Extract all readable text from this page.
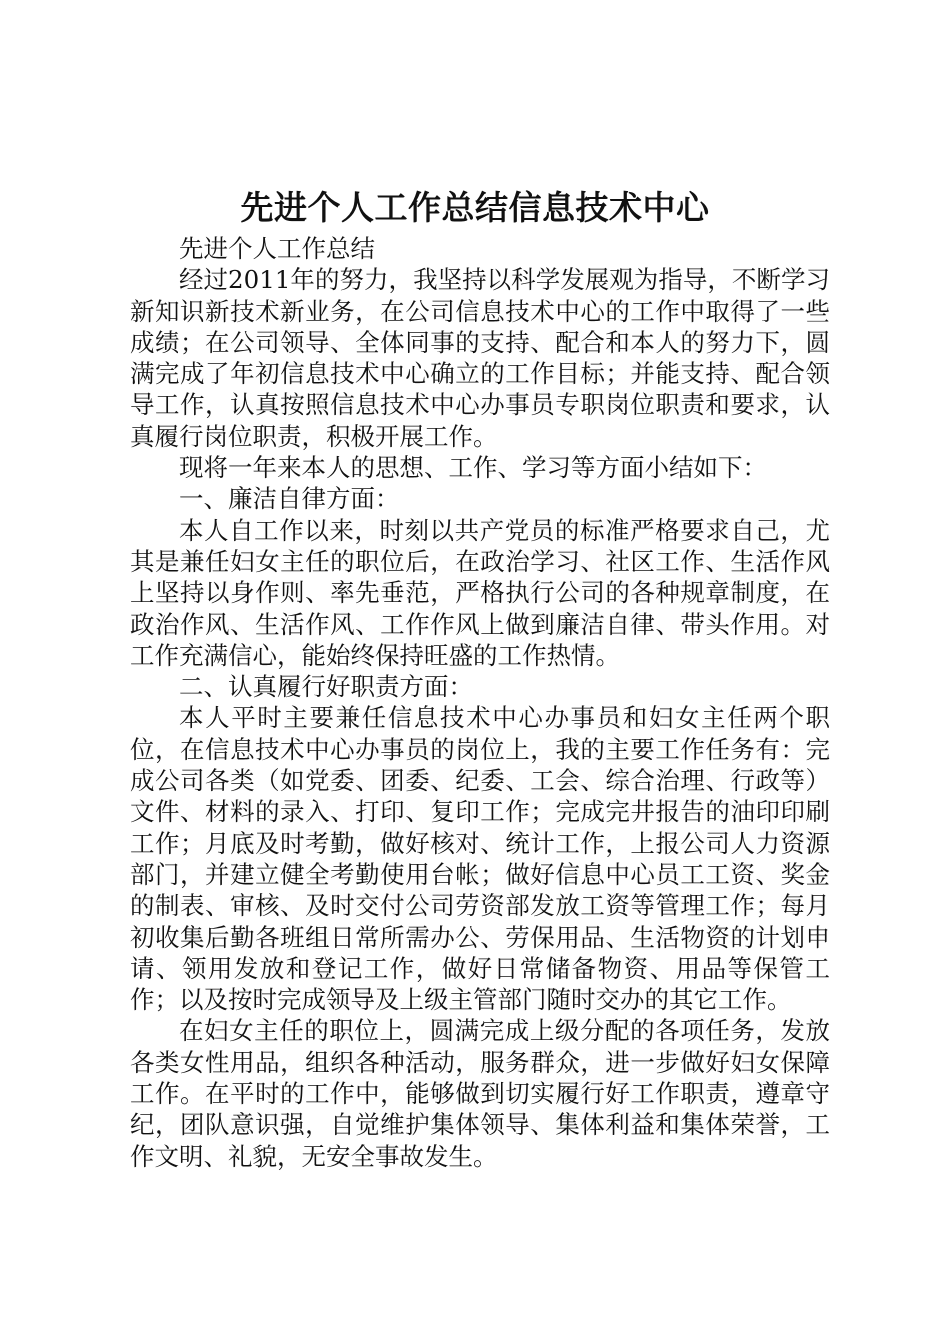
先进个人工作总结信息技术中心

先进个人工作总结

经过2011年的努力，我坚持以科学发展观为指导，不断学习新知识新技术新业务，在公司信息技术中心的工作中取得了一些成绩；在公司领导、全体同事的支持、配合和本人的努力下，圆满完成了年初信息技术中心确立的工作目标；并能支持、配合领导工作，认真按照信息技术中心办事员专职岗位职责和要求，认真履行岗位职责，积极开展工作。

现将一年来本人的思想、工作、学习等方面小结如下：

一、廉洁自律方面：

本人自工作以来，时刻以共产党员的标准严格要求自己，尤其是兼任妇女主任的职位后，在政治学习、社区工作、生活作风上坚持以身作则、率先垂范，严格执行公司的各种规章制度，在政治作风、生活作风、工作作风上做到廉洁自律、带头作用。对工作充满信心，能始终保持旺盛的工作热情。

二、认真履行好职责方面：

本人平时主要兼任信息技术中心办事员和妇女主任两个职位，在信息技术中心办事员的岗位上，我的主要工作任务有：完成公司各类（如党委、团委、纪委、工会、综合治理、行政等）文件、材料的录入、打印、复印工作；完成完井报告的油印印刷工作；月底及时考勤，做好核对、统计工作，上报公司人力资源部门，并建立健全考勤使用台帐；做好信息中心员工工资、奖金的制表、审核、及时交付公司劳资部发放工资等管理工作；每月初收集后勤各班组日常所需办公、劳保用品、生活物资的计划申请、领用发放和登记工作，做好日常储备物资、用品等保管工作；以及按时完成领导及上级主管部门随时交办的其它工作。

在妇女主任的职位上，圆满完成上级分配的各项任务，发放各类女性用品，组织各种活动，服务群众，进一步做好妇女保障工作。在平时的工作中，能够做到切实履行好工作职责，遵章守纪，团队意识强，自觉维护集体领导、集体利益和集体荣誉，工作文明、礼貌，无安全事故发生。
